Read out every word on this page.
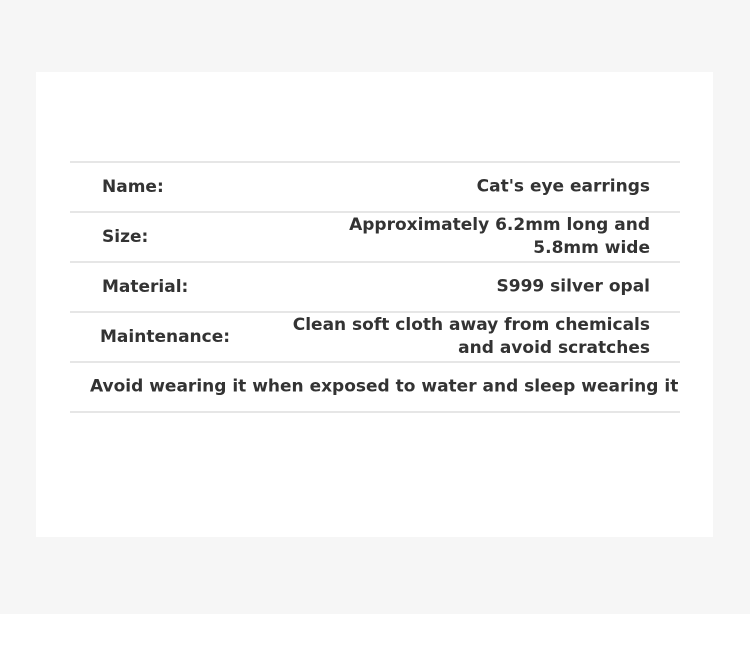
Name:	Cat's eye earrings
Size:
Approximately 6.2mm long and 5.8mm wide
Material:	S999 silver opal
Maintenance:
Clean soft cloth away from chemicals and avoid scratches
Avoid wearing it when exposed to water and sleep wearing it
